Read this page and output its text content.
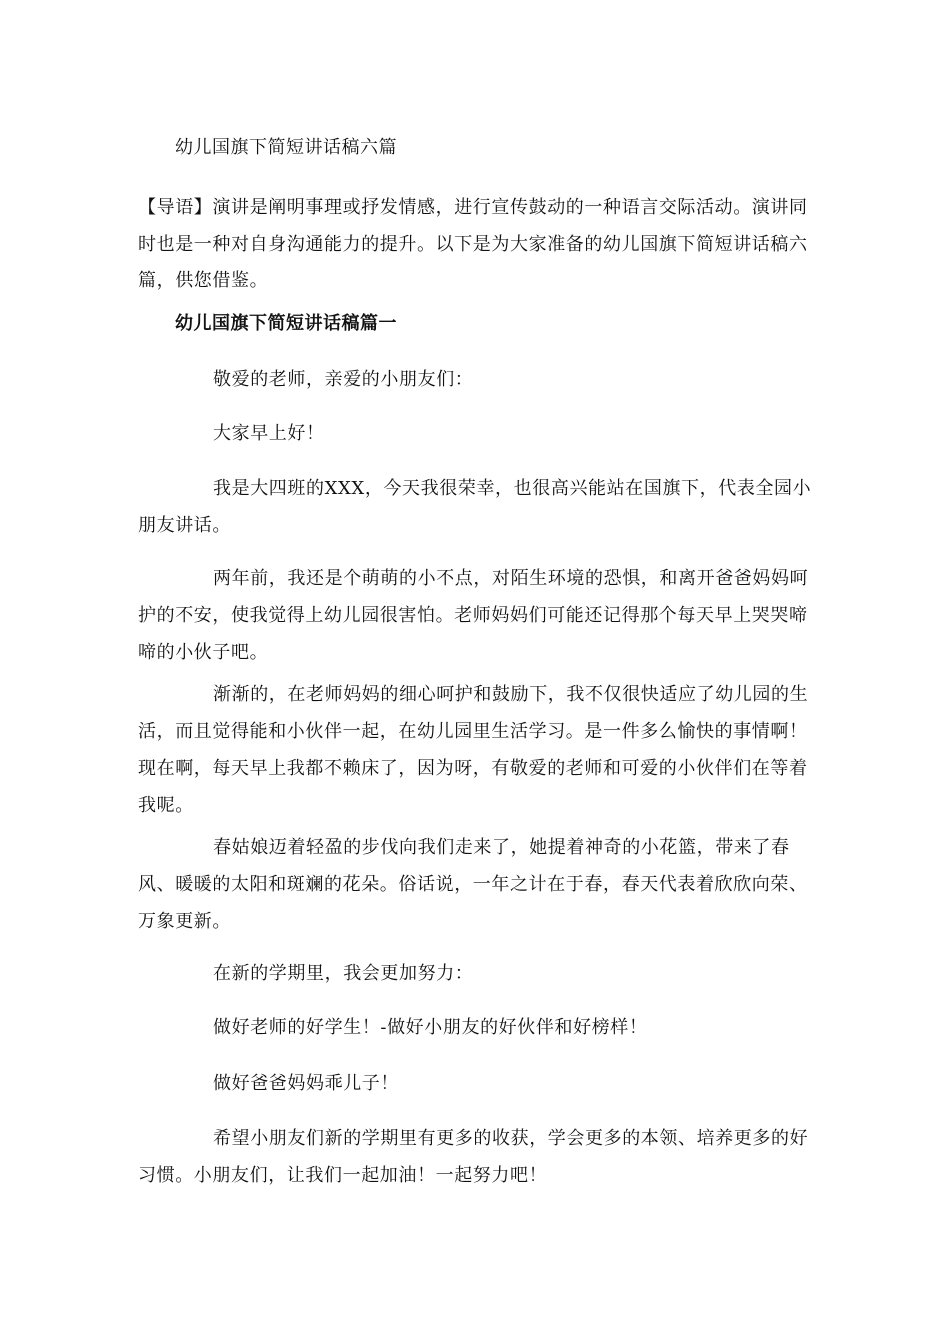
幼儿国旗下简短讲话稿六篇

【导语】演讲是阐明事理或抒发情感，进行宣传鼓动的一种语言交际活动。演讲同时也是一种对自身沟通能力的提升。以下是为大家准备的幼儿国旗下简短讲话稿六篇，供您借鉴。

幼儿国旗下简短讲话稿篇一

敬爱的老师，亲爱的小朋友们：

大家早上好！

我是大四班的XXX，今天我很荣幸，也很高兴能站在国旗下，代表全园小朋友讲话。

两年前，我还是个萌萌的小不点，对陌生环境的恐惧，和离开爸爸妈妈呵护的不安，使我觉得上幼儿园很害怕。老师妈妈们可能还记得那个每天早上哭哭啼啼的小伙子吧。

渐渐的，在老师妈妈的细心呵护和鼓励下，我不仅很快适应了幼儿园的生活，而且觉得能和小伙伴一起，在幼儿园里生活学习。是一件多么愉快的事情啊！现在啊，每天早上我都不赖床了，因为呀，有敬爱的老师和可爱的小伙伴们在等着我呢。

春姑娘迈着轻盈的步伐向我们走来了，她提着神奇的小花篮，带来了春风、暖暖的太阳和斑斓的花朵。俗话说，一年之计在于春，春天代表着欣欣向荣、万象更新。

在新的学期里，我会更加努力：

做好老师的好学生！-做好小朋友的好伙伴和好榜样！

做好爸爸妈妈乖儿子！

希望小朋友们新的学期里有更多的收获，学会更多的本领、培养更多的好习惯。小朋友们，让我们一起加油！一起努力吧！
